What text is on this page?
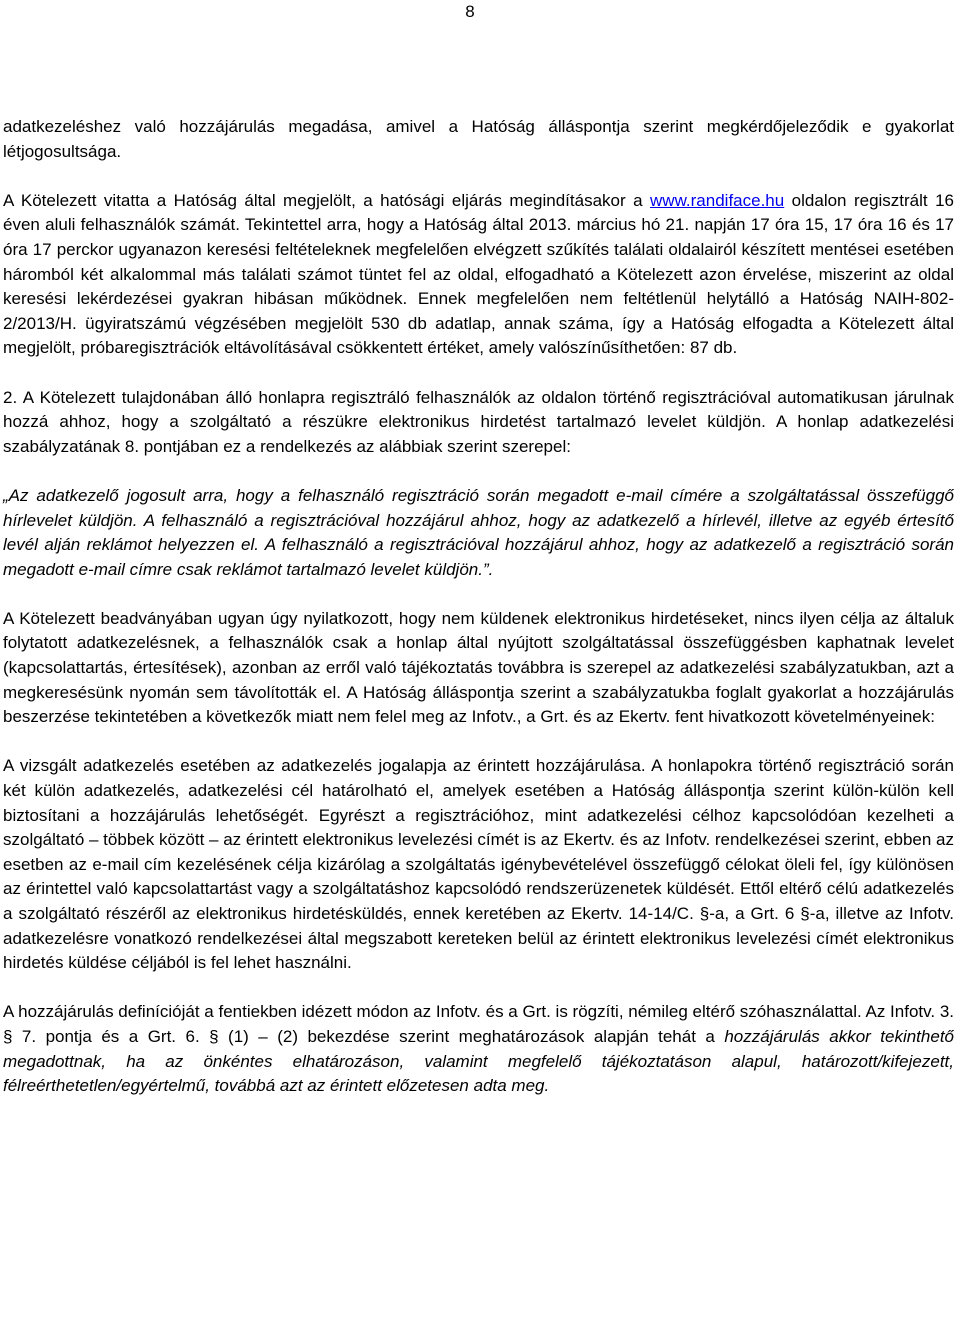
8

adatkezeléshez való hozzájárulás megadása, amivel a Hatóság álláspontja szerint megkérdőjeleződik e gyakorlat létjogosultsága.

A Kötelezett vitatta a Hatóság által megjelölt, a hatósági eljárás megindításakor a www.randiface.hu oldalon regisztrált 16 éven aluli felhasználók számát. Tekintettel arra, hogy a Hatóság által 2013. március hó 21. napján 17 óra 15, 17 óra 16 és 17 óra 17 perckor ugyanazon keresési feltételeknek megfelelően elvégzett szűkítés találati oldalairól készített mentései esetében háromból két alkalommal más találati számot tüntet fel az oldal, elfogadható a Kötelezett azon érvelése, miszerint az oldal keresési lekérdezései gyakran hibásan működnek. Ennek megfelelően nem feltétlenül helytálló a Hatóság NAIH-802-2/2013/H. ügyiratszámú végzésében megjelölt 530 db adatlap, annak száma, így a Hatóság elfogadta a Kötelezett által megjelölt, próbaregisztrációk eltávolításával csökkentett értéket, amely valószínűsíthetően: 87 db.

2. A Kötelezett tulajdonában álló honlapra regisztráló felhasználók az oldalon történő regisztrációval automatikusan járulnak hozzá ahhoz, hogy a szolgáltató a részükre elektronikus hirdetést tartalmazó levelet küldjön. A honlap adatkezelési szabályzatának 8. pontjában ez a rendelkezés az alábbiak szerint szerepel:

„Az adatkezelő jogosult arra, hogy a felhasználó regisztráció során megadott e-mail címére a szolgáltatással összefüggő hírlevelet küldjön. A felhasználó a regisztrációval hozzájárul ahhoz, hogy az adatkezelő a hírlevél, illetve az egyéb értesítő levél alján reklámot helyezzen el. A felhasználó a regisztrációval hozzájárul ahhoz, hogy az adatkezelő a regisztráció során megadott e-mail címre csak reklámot tartalmazó levelet küldjön.”.

A Kötelezett beadványában ugyan úgy nyilatkozott, hogy nem küldenek elektronikus hirdetéseket, nincs ilyen célja az általuk folytatott adatkezelésnek, a felhasználók csak a honlap által nyújtott szolgáltatással összefüggésben kaphatnak levelet (kapcsolattartás, értesítések), azonban az erről való tájékoztatás továbbra is szerepel az adatkezelési szabályzatukban, azt a megkeresésünk nyomán sem távolították el. A Hatóság álláspontja szerint a szabályzatukba foglalt gyakorlat a hozzájárulás beszerzése tekintetében a következők miatt nem felel meg az Infotv., a Grt. és az Ekertv. fent hivatkozott követelményeinek:

A vizsgált adatkezelés esetében az adatkezelés jogalapja az érintett hozzájárulása. A honlapokra történő regisztráció során két külön adatkezelés, adatkezelési cél határolható el, amelyek esetében a Hatóság álláspontja szerint külön-külön kell biztosítani a hozzájárulás lehetőségét. Egyrészt a regisztrációhoz, mint adatkezelési célhoz kapcsolódóan kezelheti a szolgáltató – többek között – az érintett elektronikus levelezési címét is az Ekertv. és az Infotv. rendelkezései szerint, ebben az esetben az e-mail cím kezelésének célja kizárólag a szolgáltatás igénybevételével összefüggő célokat öleli fel, így különösen az érintettel való kapcsolattartást vagy a szolgáltatáshoz kapcsolódó rendszerüzenetek küldését. Ettől eltérő célú adatkezelés a szolgáltató részéről az elektronikus hirdetésküldés, ennek keretében az Ekertv. 14-14/C. §-a, a Grt. 6 §-a, illetve az Infotv. adatkezelésre vonatkozó rendelkezései által megszabott kereteken belül az érintett elektronikus levelezési címét elektronikus hirdetés küldése céljából is fel lehet használni.

A hozzájárulás definícióját a fentiekben idézett módon az Infotv. és a Grt. is rögzíti, némileg eltérő szóhasználattal. Az Infotv. 3. § 7. pontja és a Grt. 6. § (1) – (2) bekezdése szerint meghatározások alapján tehát a hozzájárulás akkor tekinthető megadottnak, ha az önkéntes elhatározáson, valamint megfelelő tájékoztatáson alapul, határozott/kifejezett, félreérthetetlen/egyértelmű, továbbá azt az érintett előzetesen adta meg.
